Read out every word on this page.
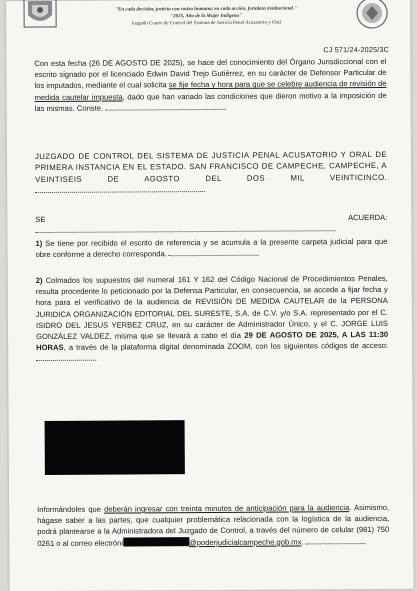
"En cada decisión, justicia con rostro humano; en cada acción, fortaleza institucional."
"2025, Año de la Mujer Indígena"
Juzgado Cuarto de Control del Sistema de Justicia Penal Acusatorio y Oral
CJ 571/24-2025/3C

Con esta fecha (26 DE AGOSTO DE 2025), se hace del conocimiento del Órgano Jurisdiccional con el escrito signado por el licenciado Edwin David Trejo Gutiérrez, en su carácter de Defensor Particular de los imputados, mediante el cual solicita se fije fecha y hora para que se celebre audiencia de revisión de medida cautelar impuesta, dado que han variado las condiciones que dieron motivo a la imposición de las mismas. Conste.

JUZGADO DE CONTROL DEL SISTEMA DE JUSTICIA PENAL ACUSATORIO Y ORAL DE PRIMERA INSTANCIA EN EL ESTADO. SAN FRANCISCO DE CAMPECHE, CAMPECHE, A VEINTISEIS DE AGOSTO DEL DOS MIL VEINTICINCO.

SE ACUERDA:

1) Se tiene por recibido el escrito de referencia y se acumula a la presente carpeta judicial para que obre conforme a derecho corresponda.

2) Colmados los supuestos del numeral 161 Y 162 del Código Nacional de Procedimientos Penales, resulta procedente lo peticionado por la Defensa Particular, en consecuencia, se accede a fijar fecha y hora para el verificativo de la audiencia de REVISIÓN DE MEDIDA CAUTELAR de la PERSONA JURIDICA ORGANIZACIÓN EDITORIAL DEL SURESTE, S.A. de C.V. y/o S.A. representado por el C. ISIDRO DEL JESUS YERBEZ CRUZ, en su carácter de Administrador Único, y el C. JORGE LUIS GONZÁLEZ VALDEZ, misma que se llevará a cabo el día 29 DE AGOSTO DE 2025, A LAS 11:30 HORAS, a través de la plataforma digital denominada ZOOM, con los siguientes códigos de acceso:

Informándoles que deberán ingresar con treinta minutos de anticipación para la audiencia. Asimismo, hágase saber a las partes, que cualquier problemática relacionada con la logística de la audiencia, podrá plantearse a la Administradora del Juzgado de Control, a través del número de celular (981) 750 0261 o al correo electróni	@poderjudicialcampeche.gob.mx.
